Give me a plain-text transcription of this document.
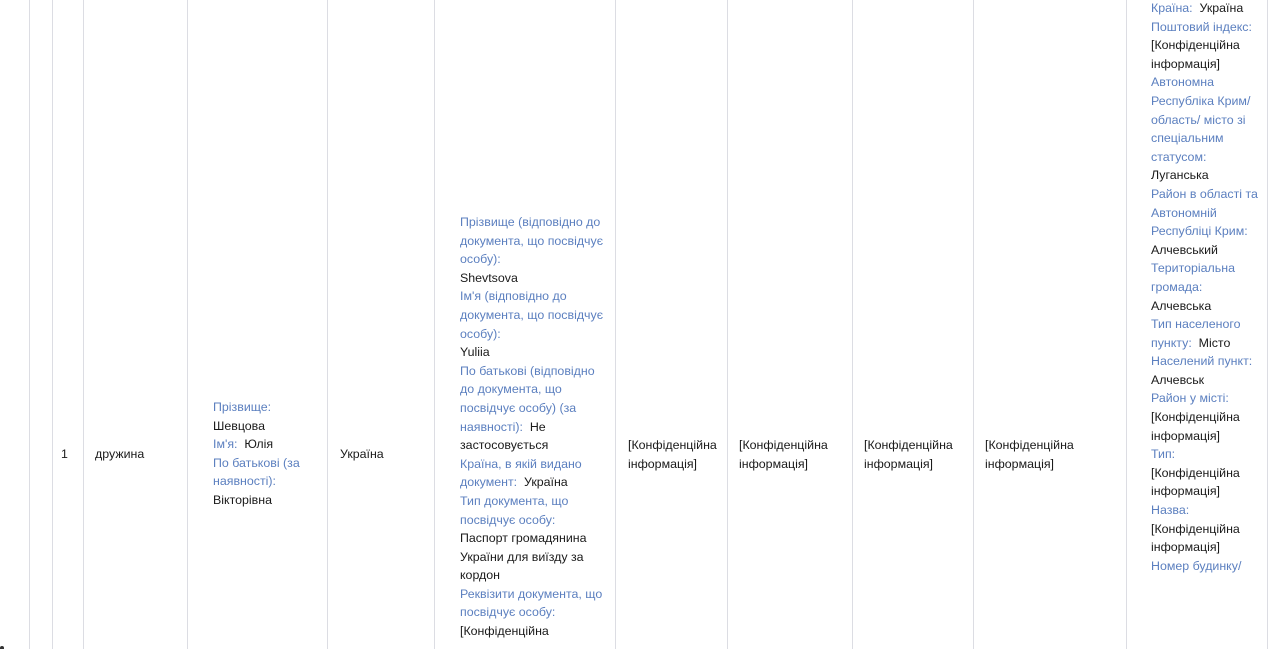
1	дружина
Прізвище:
Шевцова
Ім'я: Юлія
По батькові (за наявності):
Вікторівна
Україна
Прізвище (відповідно до документа, що посвідчує особу):
Shevtsova
Ім'я (відповідно до документа, що посвідчує особу):
Yuliia
По батькові (відповідно до документа, що посвідчує особу) (за наявності): Не застосовується
Країна, в якій видано документ: Україна
Тип документа, що посвідчує особу:
Паспорт громадянина України для виїзду за кордон
Реквізити документа, що посвідчує особу:
[Конфіденційна
[Конфіденційна інформація]
[Конфіденційна інформація]
[Конфіденційна інформація]
[Конфіденційна інформація]
Країна: Україна
Поштовий індекс:
[Конфіденційна інформація]
Автономна Республіка Крим/область/ місто зі спеціальним статусом:
Луганська
Район в області та Автономній Республіці Крим:
Алчевський
Територіальна громада:
Алчевська
Тип населеного пункту: Місто
Населений пункт:
Алчевськ
Район у місті:
[Конфіденційна інформація]
Тип:
[Конфіденційна інформація]
Назва:
[Конфіденційна інформація]
Номер будинку/
